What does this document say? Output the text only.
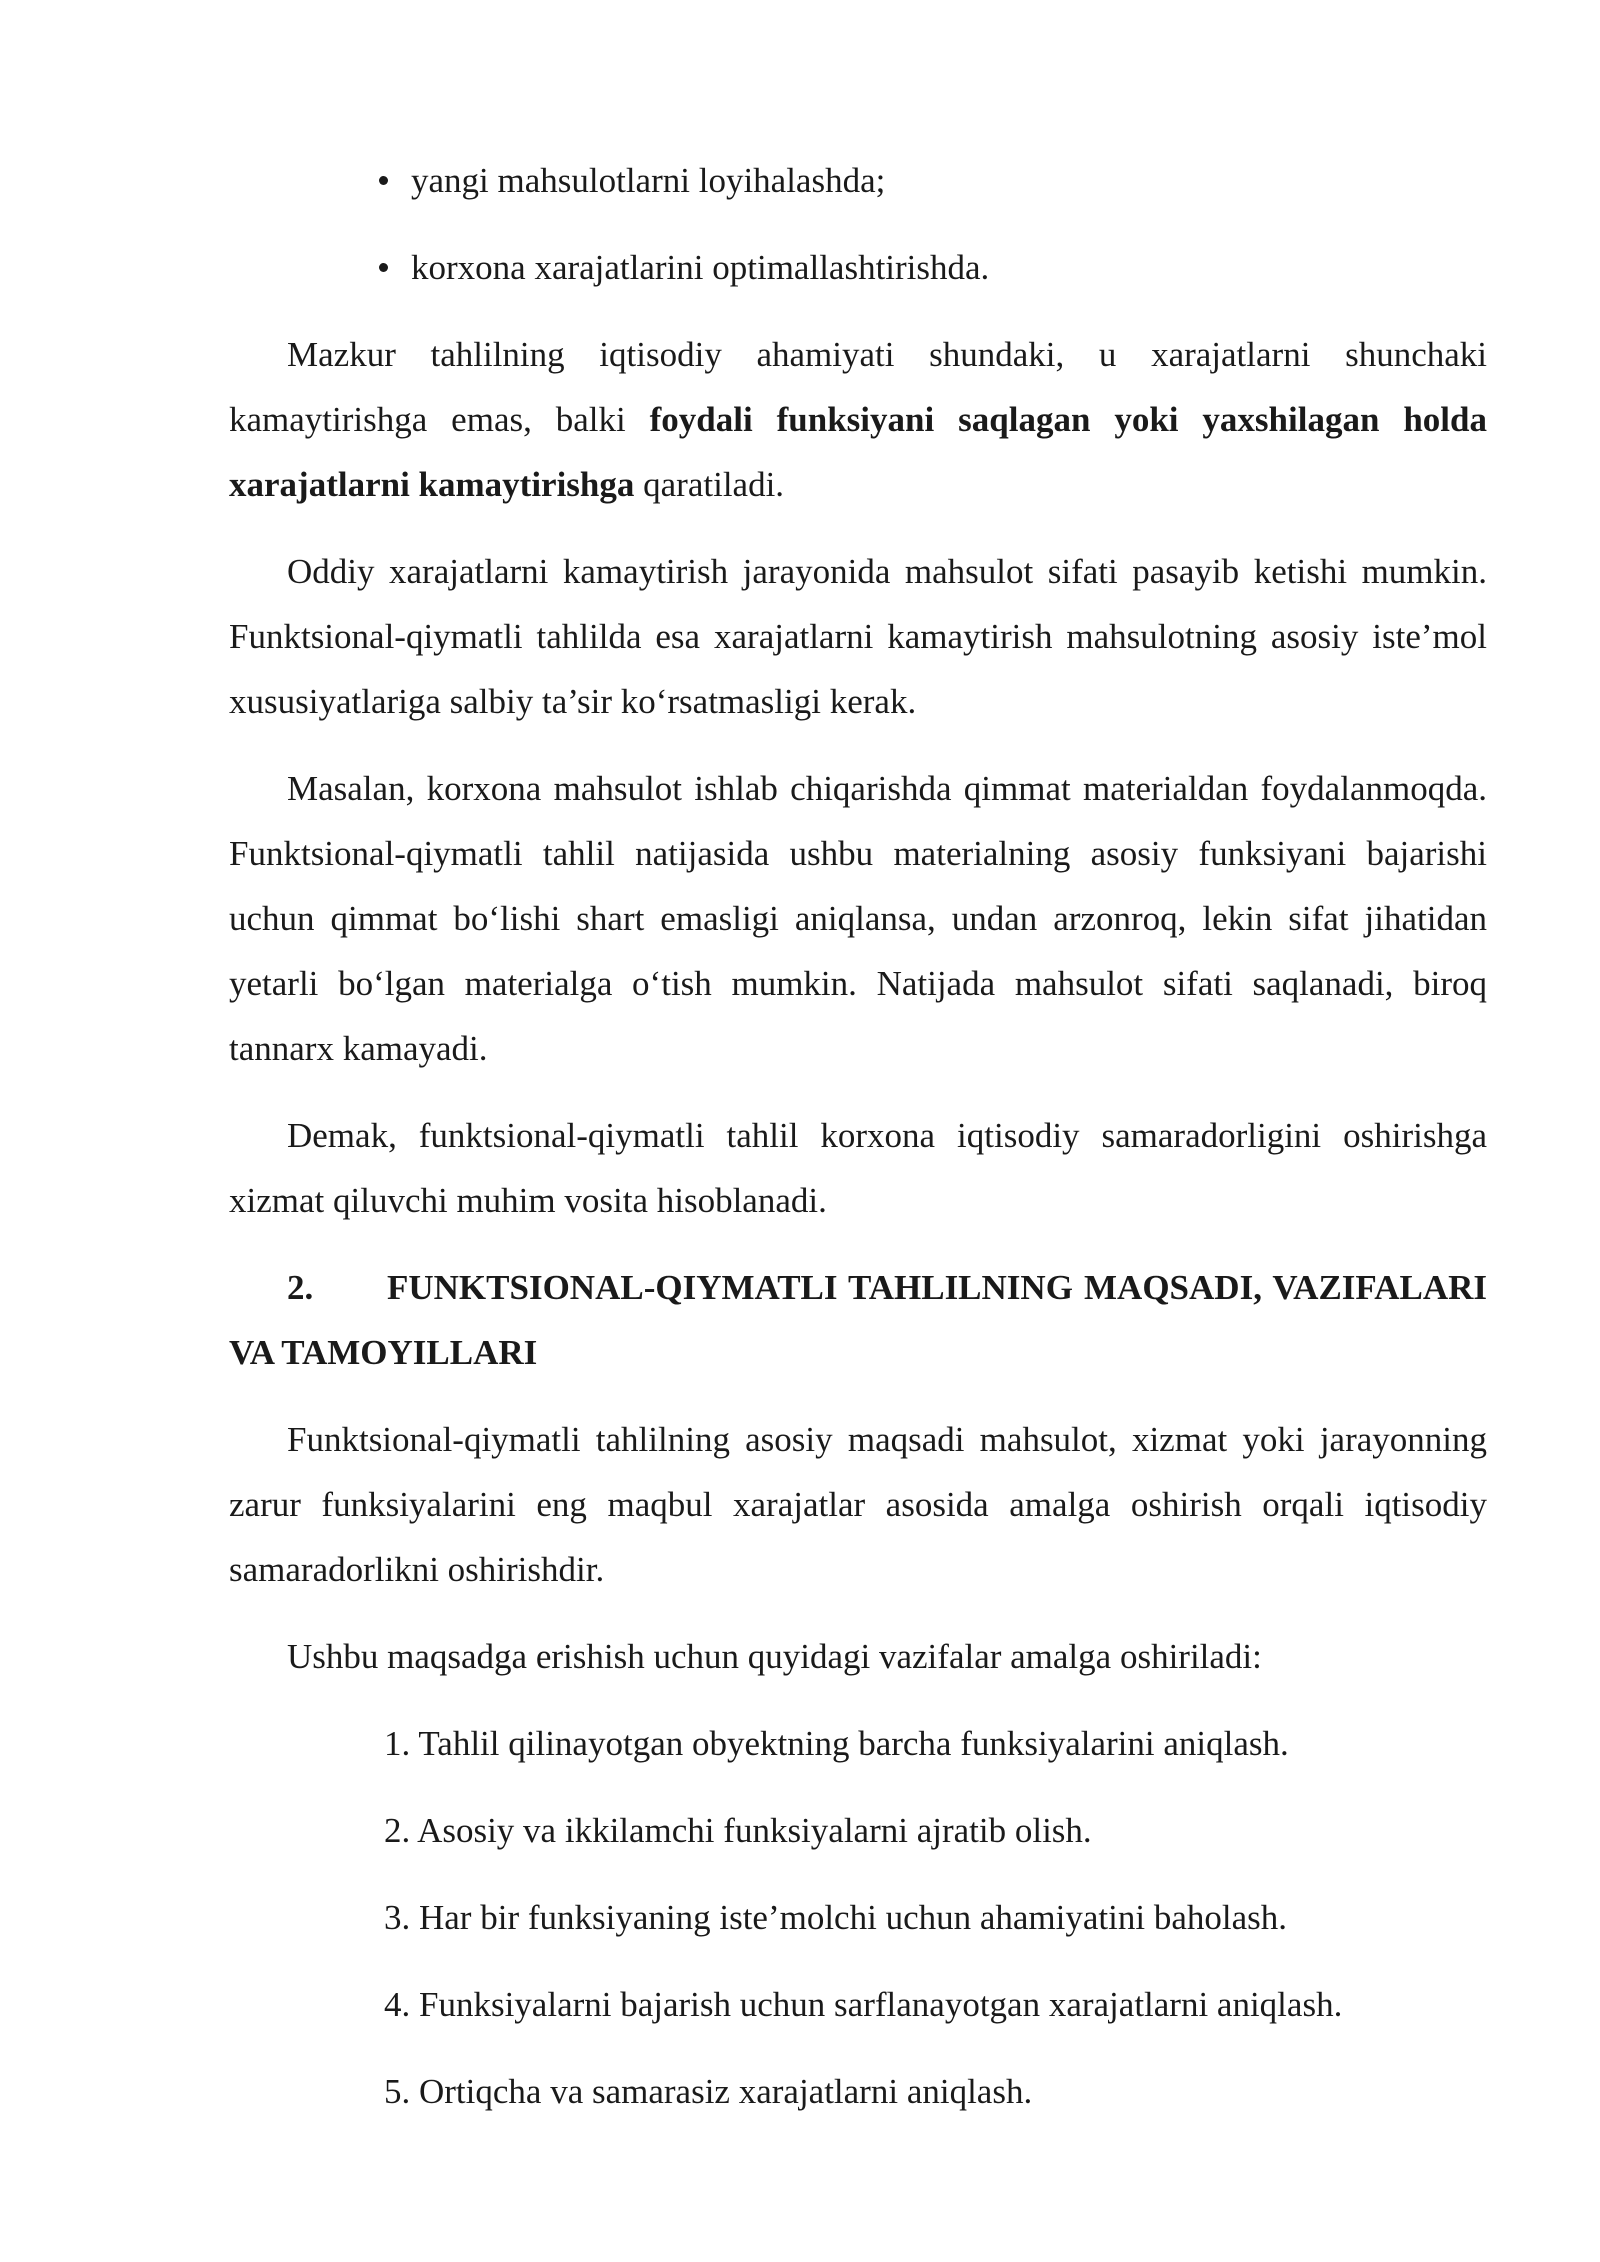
yangi mahsulotlarni loyihalashda;
korxona xarajatlarini optimallashtirishda.

Mazkur tahlilning iqtisodiy ahamiyati shundaki, u xarajatlarni shunchaki kamaytirishga emas, balki foydali funksiyani saqlagan yoki yaxshilagan holda xarajatlarni kamaytirishga qaratiladi.

Oddiy xarajatlarni kamaytirish jarayonida mahsulot sifati pasayib ketishi mumkin. Funktsional-qiymatli tahlilda esa xarajatlarni kamaytirish mahsulotning asosiy iste’mol xususiyatlariga salbiy ta’sir koʻrsatmasligi kerak.

Masalan, korxona mahsulot ishlab chiqarishda qimmat materialdan foydalanmoqda. Funktsional-qiymatli tahlil natijasida ushbu materialning asosiy funksiyani bajarishi uchun qimmat boʻlishi shart emasligi aniqlansa, undan arzonroq, lekin sifat jihatidan yetarli boʻlgan materialga oʻtish mumkin. Natijada mahsulot sifati saqlanadi, biroq tannarx kamayadi.

Demak, funktsional-qiymatli tahlil korxona iqtisodiy samaradorligini oshirishga xizmat qiluvchi muhim vosita hisoblanadi.

2. FUNKTSIONAL-QIYMATLI TAHLILNING MAQSADI, VAZIFALARI VA TAMOYILLARI

Funktsional-qiymatli tahlilning asosiy maqsadi mahsulot, xizmat yoki jarayonning zarur funksiyalarini eng maqbul xarajatlar asosida amalga oshirish orqali iqtisodiy samaradorlikni oshirishdir.

Ushbu maqsadga erishish uchun quyidagi vazifalar amalga oshiriladi:

1. Tahlil qilinayotgan obyektning barcha funksiyalarini aniqlash.
2. Asosiy va ikkilamchi funksiyalarni ajratib olish.
3. Har bir funksiyaning iste’molchi uchun ahamiyatini baholash.
4. Funksiyalarni bajarish uchun sarflanayotgan xarajatlarni aniqlash.
5. Ortiqcha va samarasiz xarajatlarni aniqlash.
